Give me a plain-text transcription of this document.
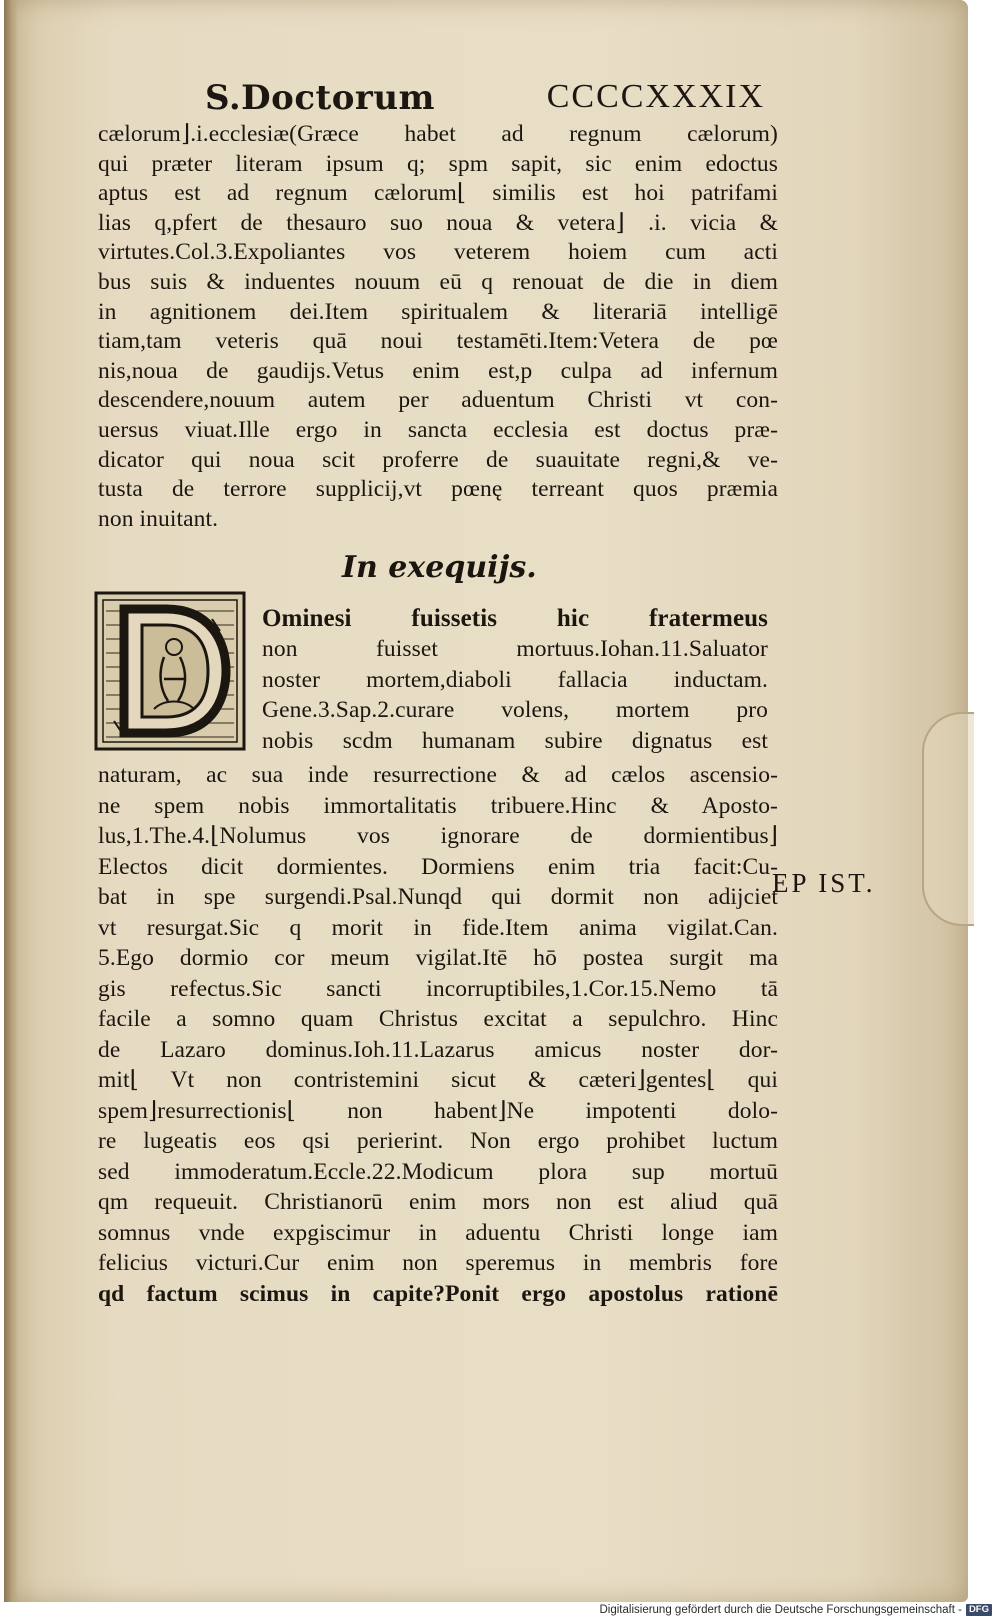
S.Doctorum	CCCCXXXIX
cælorum⌋.i.ecclesiæ(Græce habet ad regnum cælorum)
qui præter literam ipsum q; spm sapit, sic enim edoctus
aptus est ad regnum cælorum⌊ similis est hoi patrifami
lias q,pfert de thesauro suo noua & vetera⌋ .i. vicia &
virtutes.Col.3.Expoliantes vos veterem hoiem cum acti
bus suis & induentes nouum eū q renouat de die in diem
in agnitionem dei.Item spiritualem & literariā intelligē
tiam,tam veteris quā noui testamēti.Item:Vetera de pœ
nis,noua de gaudijs.Vetus enim est,p culpa ad infernum
descendere,nouum autem per aduentum Christi vt con-
uersus viuat.Ille ergo in sancta ecclesia est doctus præ-
dicator qui noua scit proferre de suauitate regni,& ve-
tusta de terrore supplicij,vt pœnę terreant quos præmia
non inuitant.
In exequijs.
Ominesi fuissetis hic fratermeus
non fuisset mortuus.Iohan.11.Saluator
noster mortem,diaboli fallacia inductam.
Gene.3.Sap.2.curare volens, mortem pro
nobis scdm humanam subire dignatus est
naturam, ac sua inde resurrectione & ad cælos ascensio-
ne spem nobis immortalitatis tribuere.Hinc & Aposto-
lus,1.The.4.⌊Nolumus vos ignorare de dormientibus⌋
Electos dicit dormientes. Dormiens enim tria facit:Cu-
bat in spe surgendi.Psal.Nunqd qui dormit non adijciet
vt resurgat.Sic q morit in fide.Item anima vigilat.Can.
5.Ego dormio cor meum vigilat.Itē hō postea surgit ma
gis refectus.Sic sancti incorruptibiles,1.Cor.15.Nemo tā
facile a somno quam Christus excitat a sepulchro. Hinc
de Lazaro dominus.Ioh.11.Lazarus amicus noster dor-
mit⌊ Vt non contristemini sicut & cæteri⌋gentes⌊ qui
spem⌋resurrectionis⌊ non habent⌋Ne impotenti dolo-
re lugeatis eos qsi perierint. Non ergo prohibet luctum
sed immoderatum.Eccle.22.Modicum plora sup mortuū
qm requeuit. Christianorū enim mors non est aliud quā
somnus vnde expgiscimur in aduentu Christi longe iam
felicius victuri.Cur enim non speremus in membris fore
qd factum scimus in capite?Ponit ergo apostolus rationē
EP IST.
Digitalisierung gefördert durch die Deutsche Forschungsgemeinschaft - DFG
